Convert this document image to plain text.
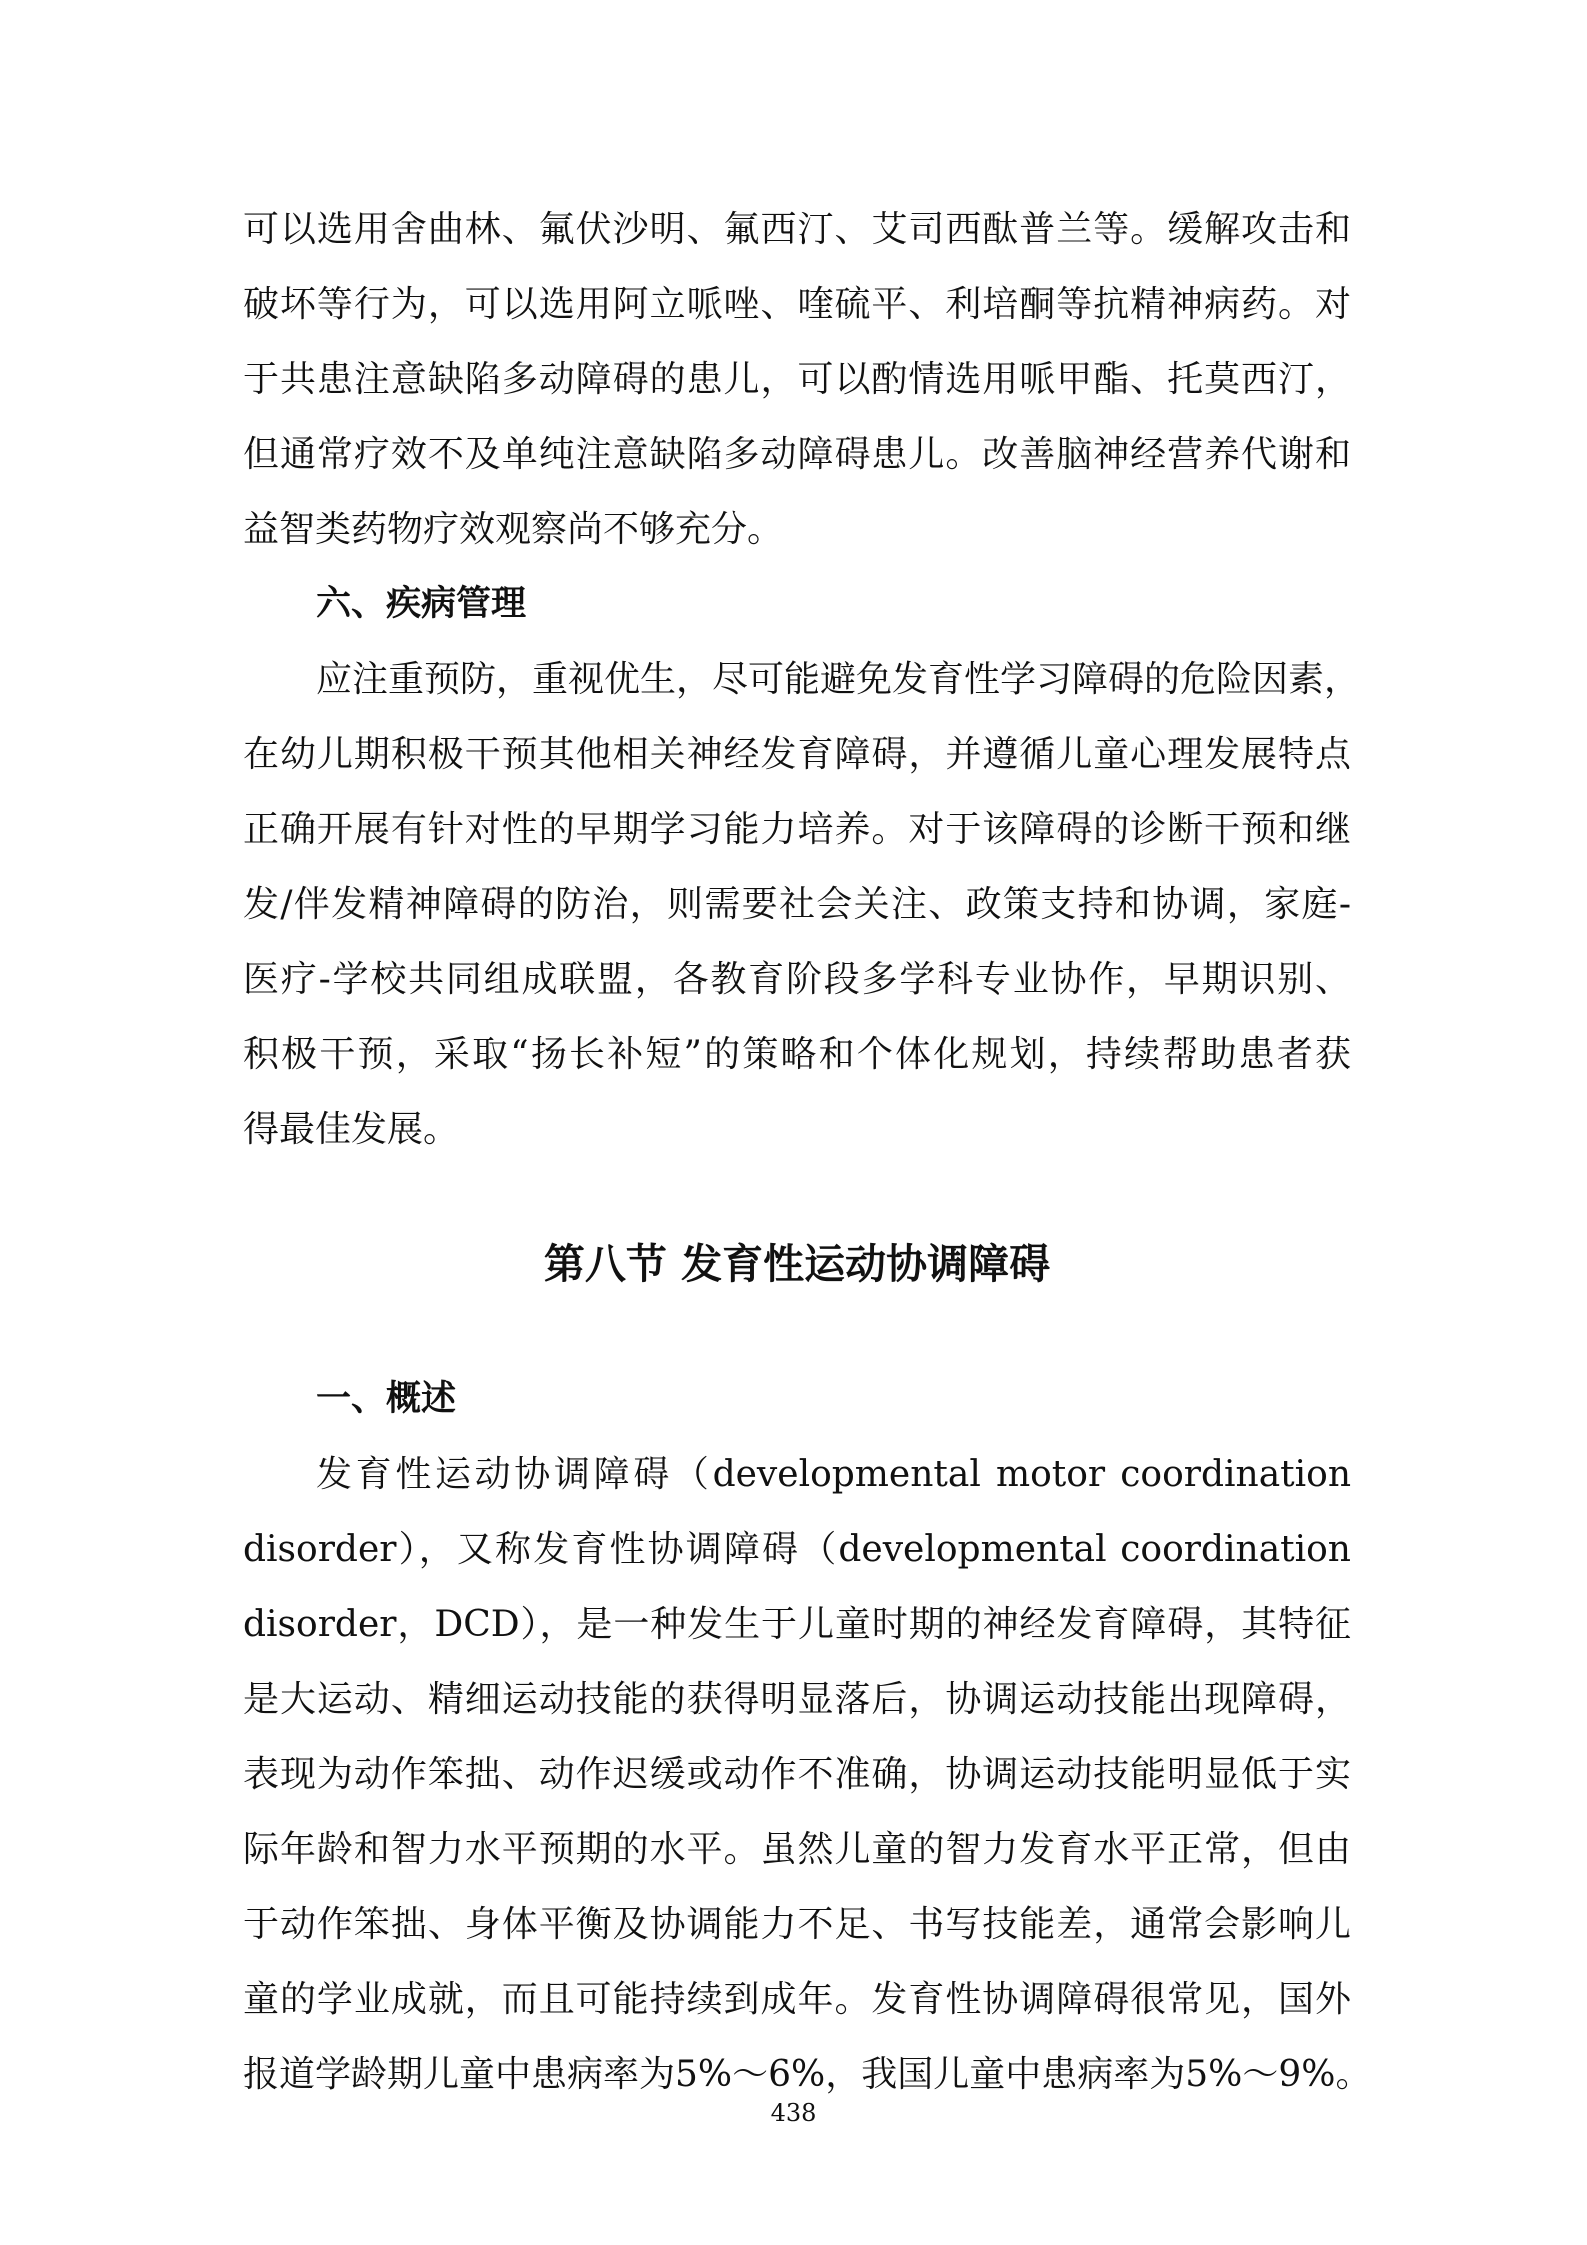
可以选用舍曲林、氟伏沙明、氟西汀、艾司西酞普兰等。缓解攻击和
破坏等行为，可以选用阿立哌唑、喹硫平、利培酮等抗精神病药。对
于共患注意缺陷多动障碍的患儿，可以酌情选用哌甲酯、托莫西汀，
但通常疗效不及单纯注意缺陷多动障碍患儿。改善脑神经营养代谢和
益智类药物疗效观察尚不够充分。
六、疾病管理
应注重预防，重视优生，尽可能避免发育性学习障碍的危险因素，
在幼儿期积极干预其他相关神经发育障碍，并遵循儿童心理发展特点
正确开展有针对性的早期学习能力培养。对于该障碍的诊断干预和继
发/伴发精神障碍的防治，则需要社会关注、政策支持和协调，家庭-
医疗-学校共同组成联盟，各教育阶段多学科专业协作，早期识别、
积极干预，采取“扬长补短”的策略和个体化规划，持续帮助患者获
得最佳发展。
第八节 发育性运动协调障碍
一、概述
发育性运动协调障碍（developmental motor coordination
disorder），又称发育性协调障碍（developmental coordination
disorder，DCD），是一种发生于儿童时期的神经发育障碍，其特征
是大运动、精细运动技能的获得明显落后，协调运动技能出现障碍，
表现为动作笨拙、动作迟缓或动作不准确，协调运动技能明显低于实
际年龄和智力水平预期的水平。虽然儿童的智力发育水平正常，但由
于动作笨拙、身体平衡及协调能力不足、书写技能差，通常会影响儿
童的学业成就，而且可能持续到成年。发育性协调障碍很常见，国外
报道学龄期儿童中患病率为5%～6%，我国儿童中患病率为5%～9%。
438
